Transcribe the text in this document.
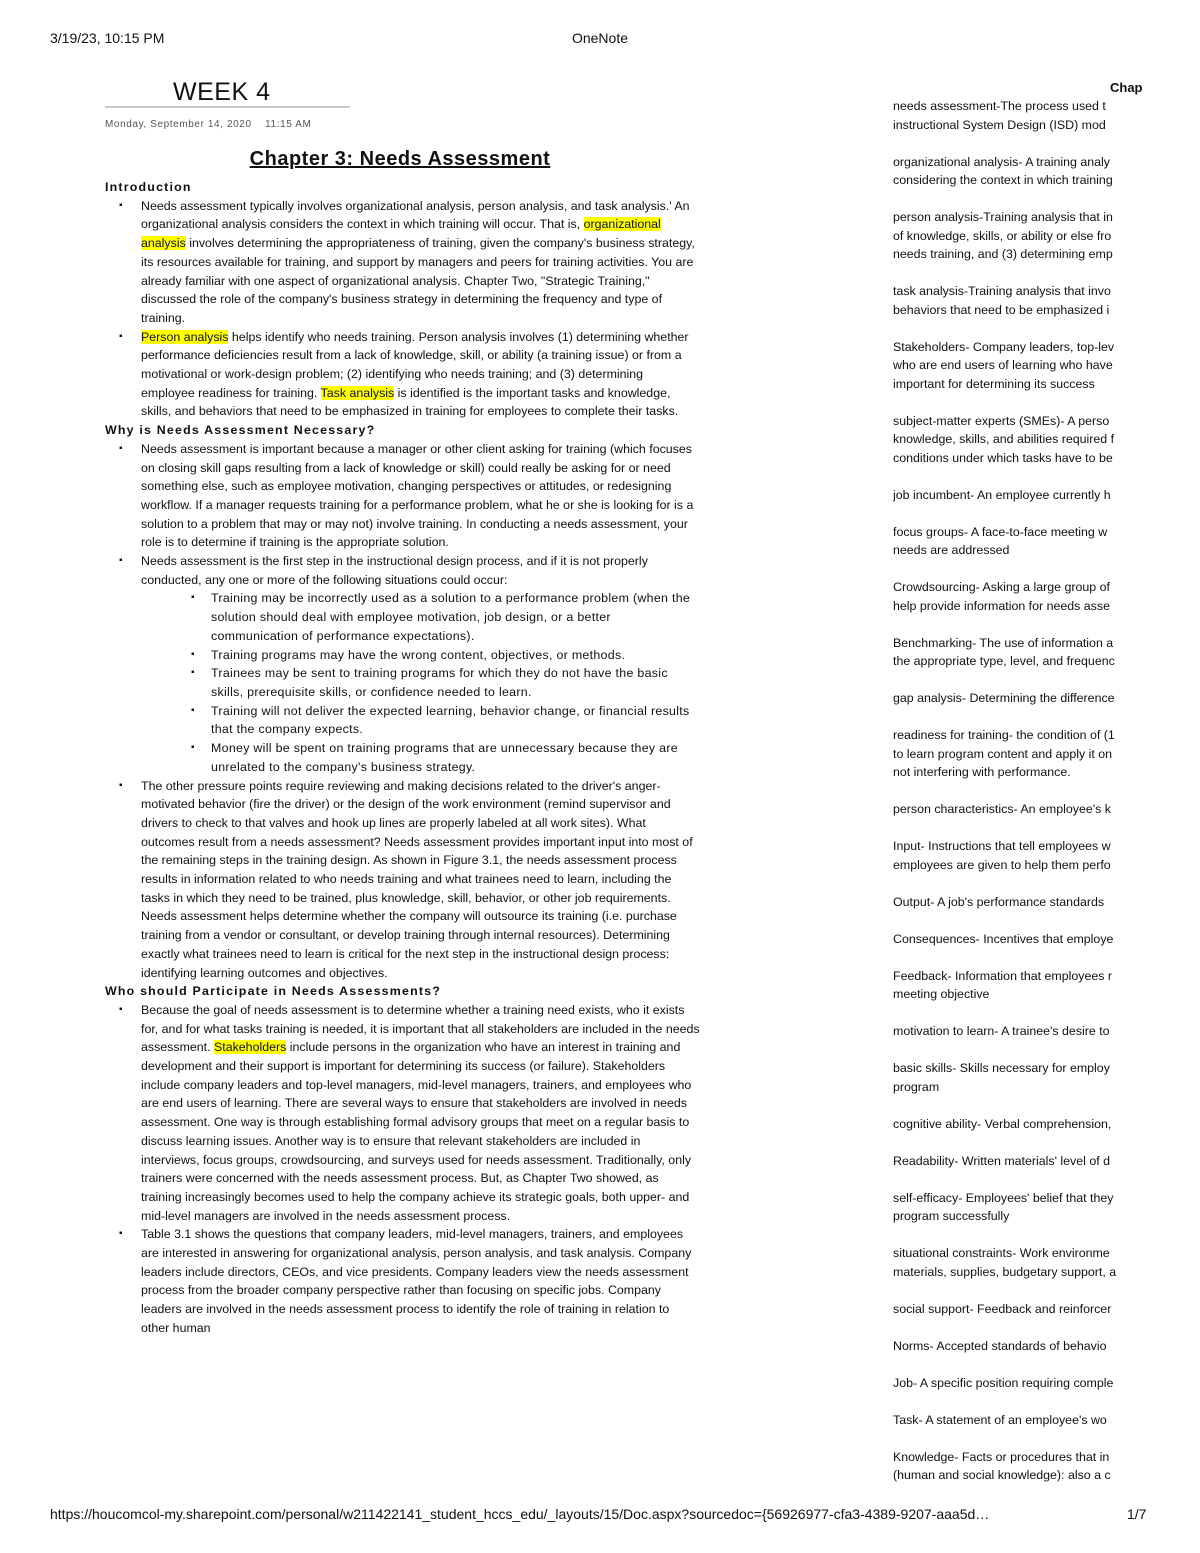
3/19/23, 10:15 PM	OneNote
WEEK 4
Monday, September 14, 2020 11:15 AM
Chapter 3: Needs Assessment
Introduction
▪ Needs assessment typically involves organizational analysis, person analysis, and task analysis.' An organizational analysis considers the context in which training will occur. That is, organizational analysis involves determining the appropriateness of training, given the company's business strategy, its resources available for training, and support by managers and peers for training activities. You are already familiar with one aspect of organizational analysis. Chapter Two, "Strategic Training," discussed the role of the company's business strategy in determining the frequency and type of training.
▪ Person analysis helps identify who needs training. Person analysis involves (1) determining whether performance deficiencies result from a lack of knowledge, skill, or ability (a training issue) or from a motivational or work-design problem; (2) identifying who needs training; and (3) determining employee readiness for training. Task analysis is identified is the important tasks and knowledge, skills, and behaviors that need to be emphasized in training for employees to complete their tasks.
Why is Needs Assessment Necessary?
▪ Needs assessment is important because a manager or other client asking for training (which focuses on closing skill gaps resulting from a lack of knowledge or skill) could really be asking for or need something else, such as employee motivation, changing perspectives or attitudes, or redesigning workflow. If a manager requests training for a performance problem, what he or she is looking for is a solution to a problem that may or may not) involve training. In conducting a needs assessment, your role is to determine if training is the appropriate solution.
▪ Needs assessment is the first step in the instructional design process, and if it is not properly conducted, any one or more of the following situations could occur:
▪ Training may be incorrectly used as a solution to a performance problem (when the solution should deal with employee motivation, job design, or a better communication of performance expectations).
▪ Training programs may have the wrong content, objectives, or methods.
▪ Trainees may be sent to training programs for which they do not have the basic skills, prerequisite skills, or confidence needed to learn.
▪ Training will not deliver the expected learning, behavior change, or financial results
that the company expects.
▪ Money will be spent on training programs that are unnecessary because they are unrelated to the company's business strategy.
▪ The other pressure points require reviewing and making decisions related to the driver's anger-motivated behavior (fire the driver) or the design of the work environment (remind supervisor and drivers to check to that valves and hook up lines are properly labeled at all work sites). What outcomes result from a needs assessment? Needs assessment provides important input into most of the remaining steps in the training design. As shown in Figure 3.1, the needs assessment process results in information related to who needs training and what trainees need to learn, including the tasks in which they need to be trained, plus knowledge, skill, behavior, or other job requirements. Needs assessment helps determine whether the company will outsource its training (i.e. purchase training from a vendor or consultant, or develop training through internal resources). Determining exactly what trainees need to learn is critical for the next step in the instructional design process: identifying learning outcomes and objectives.
Who should Participate in Needs Assessments?
▪ Because the goal of needs assessment is to determine whether a training need exists, who it exists for, and for what tasks training is needed, it is important that all stakeholders are included in the needs assessment. Stakeholders include persons in the organization who have an interest in training and development and their support is important for determining its success (or failure). Stakeholders include company leaders and top-level managers, mid-level managers, trainers, and employees who are end users of learning. There are several ways to ensure that stakeholders are involved in needs assessment. One way is through establishing formal advisory groups that meet on a regular basis to discuss learning issues. Another way is to ensure that relevant stakeholders are included in interviews, focus groups, crowdsourcing, and surveys used for needs assessment. Traditionally, only trainers were concerned with the needs assessment process. But, as Chapter Two showed, as training increasingly becomes used to help the company achieve its strategic goals, both upper- and mid-level managers are involved in the needs assessment process.
▪ Table 3.1 shows the questions that company leaders, mid-level managers, trainers, and employees are interested in answering for organizational analysis, person analysis, and task analysis. Company leaders include directors, CEOs, and vice presidents. Company leaders view the needs assessment process from the broader company perspective rather than focusing on specific jobs. Company leaders are involved in the needs assessment process to identify the role of training in relation to other human
Chap
▪ needs assessment-The process used t
instructional System Design (ISD) mod
▪ organizational analysis- A training analy
considering the context in which training
▪ person analysis-Training analysis that in
of knowledge, skills, or ability or else fro
needs training, and (3) determining emp
▪ task analysis-Training analysis that invo
behaviors that need to be emphasized i
▪ Stakeholders- Company leaders, top-lev
who are end users of learning who have
important for determining its success
▪ subject-matter experts (SMEs)- A perso
knowledge, skills, and abilities required f
conditions under which tasks have to be
▪ job incumbent- An employee currently h
▪ focus groups- A face-to-face meeting w
needs are addressed
▪ Crowdsourcing- Asking a large group of
help provide information for needs asse
▪ Benchmarking- The use of information a
the appropriate type, level, and frequenc
▪ gap analysis- Determining the difference
▪ readiness for training- the condition of (1
to learn program content and apply it on
not interfering with performance.
▪ person characteristics- An employee's k
▪ Input- Instructions that tell employees w
employees are given to help them perfo
▪ Output- A job's performance standards
▪ Consequences- Incentives that employe
▪ Feedback- Information that employees r
meeting objective
▪ motivation to learn- A trainee's desire to
▪ basic skills- Skills necessary for employ
program
▪ cognitive ability- Verbal comprehension,
▪ Readability- Written materials' level of d
▪ self-efficacy- Employees' belief that they
program successfully
▪ situational constraints- Work environme
materials, supplies, budgetary support, a
▪ social support- Feedback and reinforcer
▪ Norms- Accepted standards of behavio
▪ Job- A specific position requiring comple
▪ Task- A statement of an employee's wo
▪ Knowledge- Facts or procedures that in
(human and social knowledge): also a c
https://houcomcol-my.sharepoint.com/personal/w211422141_student_hccs_edu/_layouts/15/Doc.aspx?sourcedoc={56926977-cfa3-4389-9207-aaa5d…	1/7
